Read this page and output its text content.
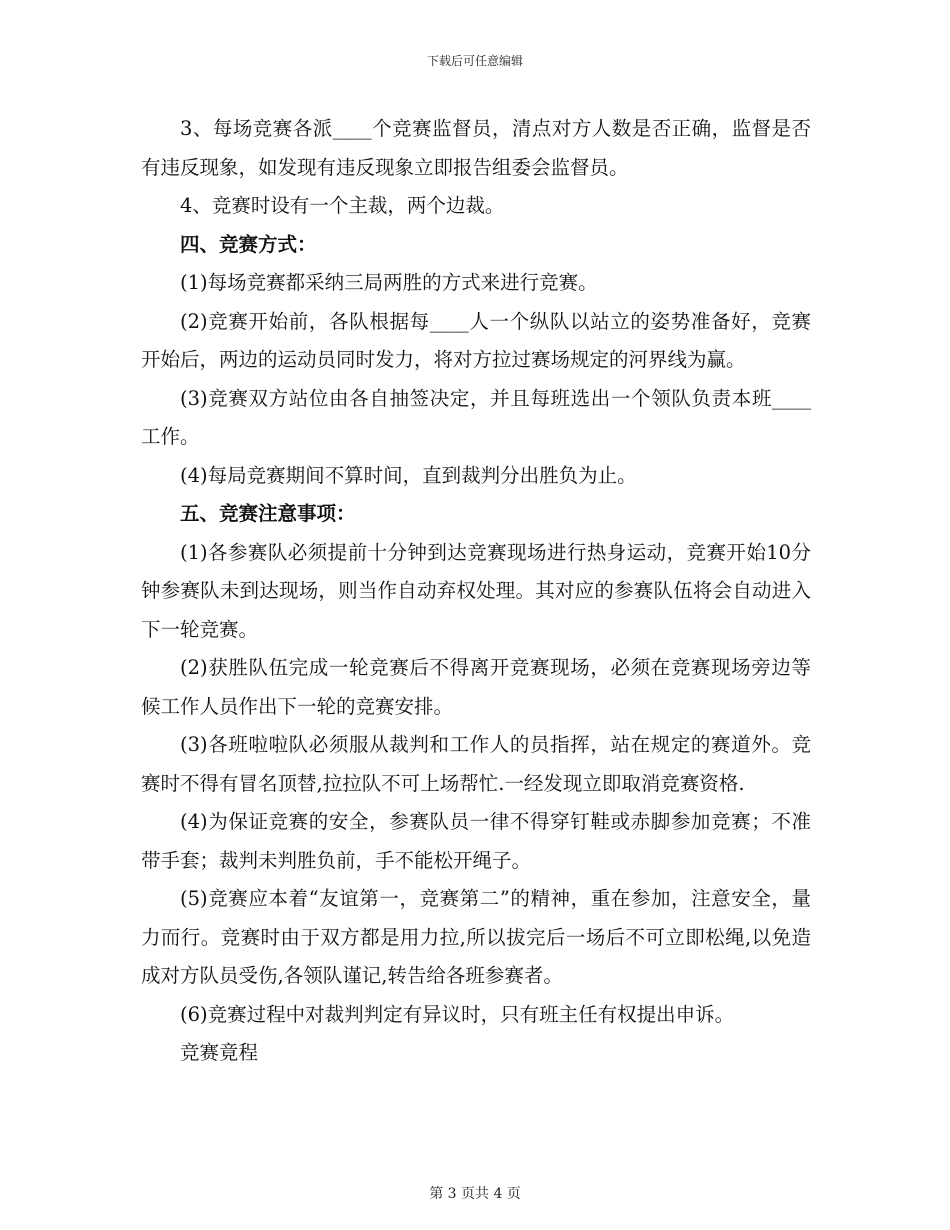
下载后可任意编辑

3、每场竞赛各派____个竞赛监督员，清点对方人数是否正确，监督是否有违反现象，如发现有违反现象立即报告组委会监督员。

4、竞赛时设有一个主裁，两个边裁。

四、竞赛方式：

(1)每场竞赛都采纳三局两胜的方式来进行竞赛。

(2)竞赛开始前，各队根据每____人一个纵队以站立的姿势准备好，竞赛开始后，两边的运动员同时发力，将对方拉过赛场规定的河界线为赢。

(3)竞赛双方站位由各自抽签决定，并且每班选出一个领队负责本班____工作。

(4)每局竞赛期间不算时间，直到裁判分出胜负为止。

五、竞赛注意事项：

(1)各参赛队必须提前十分钟到达竞赛现场进行热身运动，竞赛开始10分钟参赛队未到达现场，则当作自动弃权处理。其对应的参赛队伍将会自动进入下一轮竞赛。

(2)获胜队伍完成一轮竞赛后不得离开竞赛现场，必须在竞赛现场旁边等候工作人员作出下一轮的竞赛安排。

(3)各班啦啦队必须服从裁判和工作人的员指挥，站在规定的赛道外。竞赛时不得有冒名顶替,拉拉队不可上场帮忙.一经发现立即取消竞赛资格.

(4)为保证竞赛的安全，参赛队员一律不得穿钉鞋或赤脚参加竞赛；不准带手套；裁判未判胜负前，手不能松开绳子。

(5)竞赛应本着“友谊第一，竞赛第二”的精神，重在参加，注意安全，量力而行。竞赛时由于双方都是用力拉,所以拔完后一场后不可立即松绳,以免造成对方队员受伤,各领队谨记,转告给各班参赛者。

(6)竞赛过程中对裁判判定有异议时，只有班主任有权提出申诉。

竞赛竟程

第 3 页共 4 页
